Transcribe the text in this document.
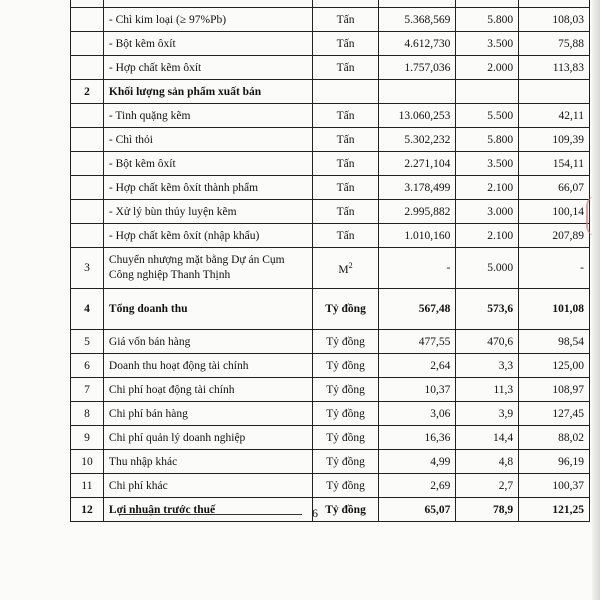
	- Chì kim loại (≥ 97%Pb)	Tấn	5.368,569	5.800	108,03
	- Bột kẽm ôxít	Tấn	4.612,730	3.500	75,88
	- Hợp chất kẽm ôxít	Tấn	1.757,036	2.000	113,83
2	Khối lượng sản phẩm xuất bán				
	- Tinh quặng kẽm	Tấn	13.060,253	5.500	42,11
	- Chì thỏi	Tấn	5.302,232	5.800	109,39
	- Bột kẽm ôxít	Tấn	2.271,104	3.500	154,11
	- Hợp chất kẽm ôxít thành phẩm	Tấn	3.178,499	2.100	66,07
	- Xử lý bùn thủy luyện kẽm	Tấn	2.995,882	3.000	100,14
	- Hợp chất kẽm ôxít (nhập khẩu)	Tấn	1.010,160	2.100	207,89
3	Chuyển nhượng mặt bằng Dự án Cụm Công nghiệp Thanh Thịnh	$M^2$	-	5.000	-
4	Tổng doanh thu	Tỷ đồng	567,48	573,6	101,08
5	Giá vốn bán hàng	Tỷ đồng	477,55	470,6	98,54
6	Doanh thu hoạt động tài chính	Tỷ đồng	2,64	3,3	125,00
7	Chi phí hoạt động tài chính	Tỷ đồng	10,37	11,3	108,97
8	Chi phí bán hàng	Tỷ đồng	3,06	3,9	127,45
9	Chi phí quản lý doanh nghiệp	Tỷ đồng	16,36	14,4	88,02
10	Thu nhập khác	Tỷ đồng	4,99	4,8	96,19
11	Chi phí khác	Tỷ đồng	2,69	2,7	100,37
12	Lợi nhuận trước thuế	Tỷ đồng	65,07	78,9	121,25
6
